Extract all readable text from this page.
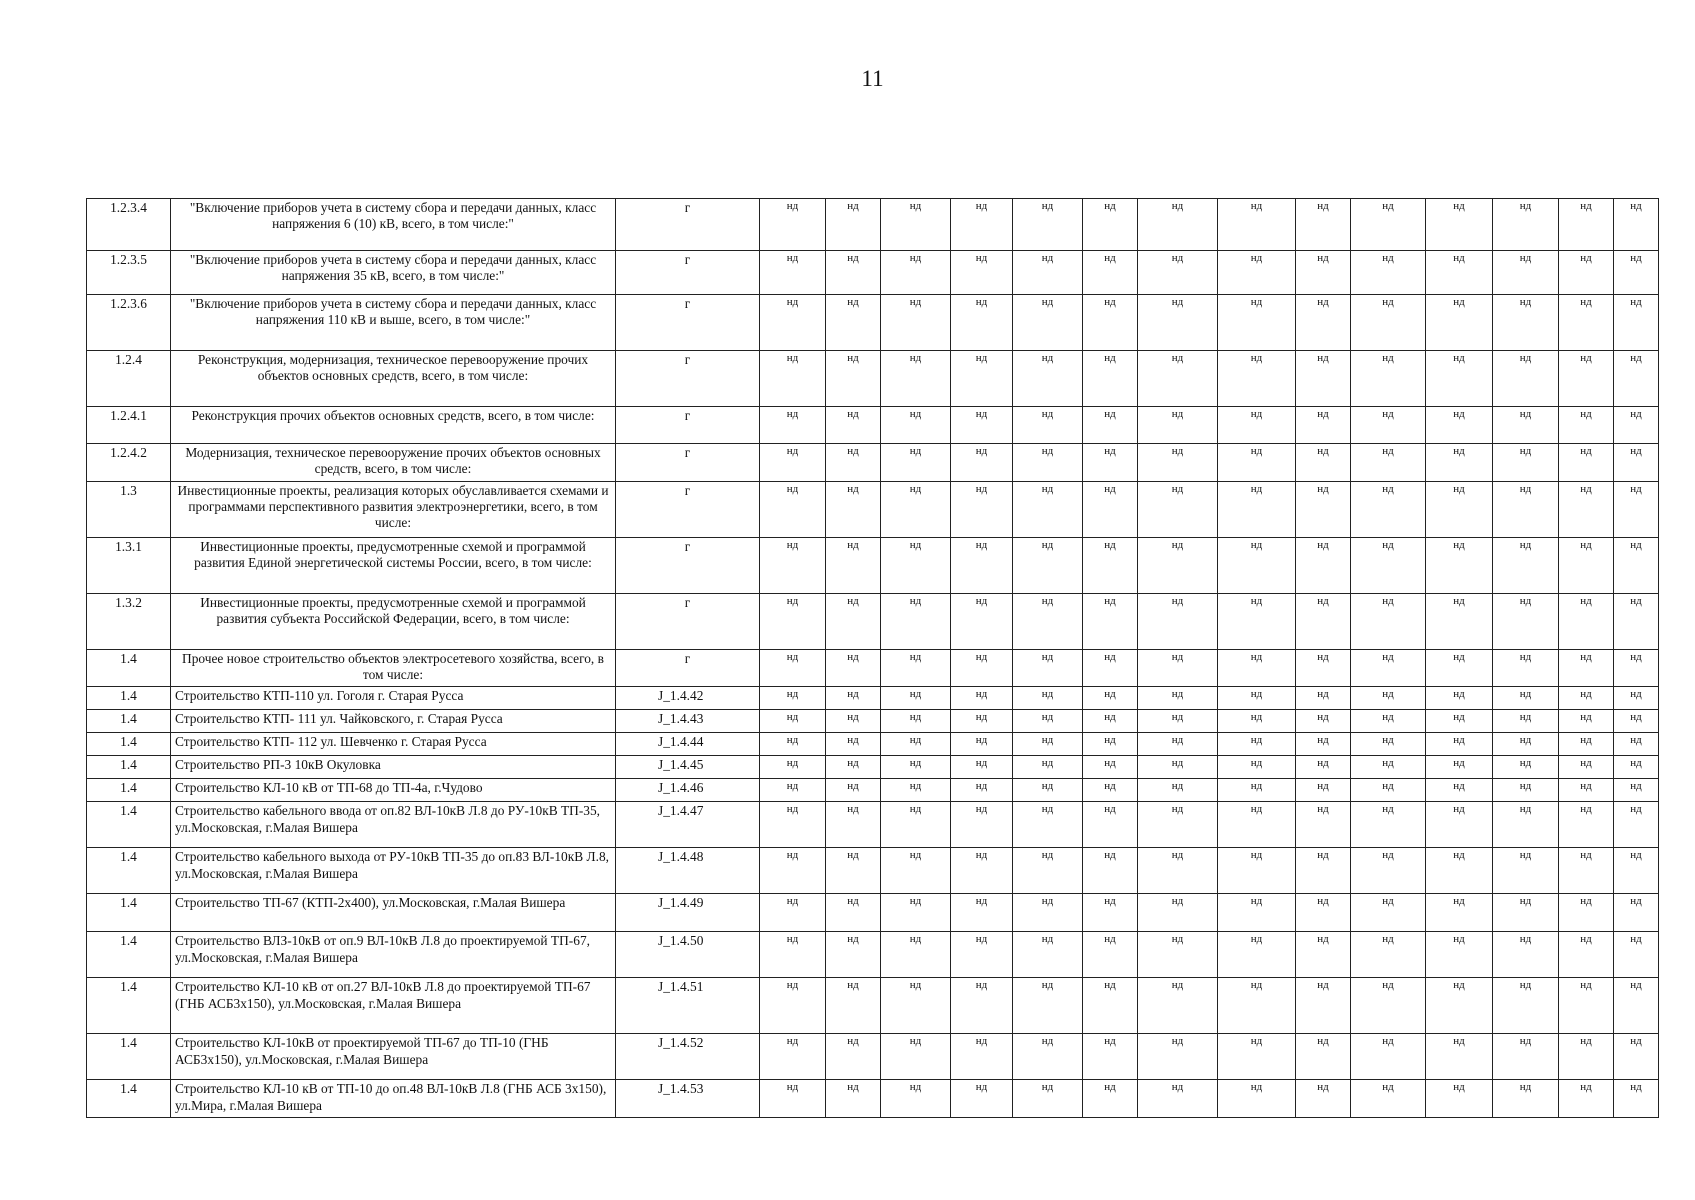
11
1.2.3.4	"Включение приборов учета в систему сбора и передачи данных, класс напряжения 6 (10) кВ, всего, в том числе:"	г	нд	нд	нд	нд	нд	нд	нд	нд	нд	нд	нд	нд	нд	нд
1.2.3.5	"Включение приборов учета в систему сбора и передачи данных, класс напряжения 35 кВ, всего, в том числе:"	г	нд	нд	нд	нд	нд	нд	нд	нд	нд	нд	нд	нд	нд	нд
1.2.3.6	"Включение приборов учета в систему сбора и передачи данных, класс напряжения 110 кВ и выше, всего, в том числе:"	г	нд	нд	нд	нд	нд	нд	нд	нд	нд	нд	нд	нд	нд	нд
1.2.4	Реконструкция, модернизация, техническое перевооружение прочих объектов основных средств, всего, в том числе:	г	нд	нд	нд	нд	нд	нд	нд	нд	нд	нд	нд	нд	нд	нд
1.2.4.1	Реконструкция прочих объектов основных средств, всего, в том числе:	г	нд	нд	нд	нд	нд	нд	нд	нд	нд	нд	нд	нд	нд	нд
1.2.4.2	Модернизация, техническое перевооружение прочих объектов основных средств, всего, в том числе:	г	нд	нд	нд	нд	нд	нд	нд	нд	нд	нд	нд	нд	нд	нд
1.3	Инвестиционные проекты, реализация которых обуславливается схемами и программами перспективного развития электроэнергетики, всего, в том числе:	г	нд	нд	нд	нд	нд	нд	нд	нд	нд	нд	нд	нд	нд	нд
1.3.1	Инвестиционные проекты, предусмотренные схемой и программой развития Единой энергетической системы России, всего, в том числе:	г	нд	нд	нд	нд	нд	нд	нд	нд	нд	нд	нд	нд	нд	нд
1.3.2	Инвестиционные проекты, предусмотренные схемой и программой развития субъекта Российской Федерации, всего, в том числе:	г	нд	нд	нд	нд	нд	нд	нд	нд	нд	нд	нд	нд	нд	нд
1.4	Прочее новое строительство объектов электросетевого хозяйства, всего, в том числе:	г	нд	нд	нд	нд	нд	нд	нд	нд	нд	нд	нд	нд	нд	нд
1.4	Строительство КТП-110 ул. Гоголя г. Старая Русса	J_1.4.42	нд	нд	нд	нд	нд	нд	нд	нд	нд	нд	нд	нд	нд	нд
1.4	Строительство КТП- 111 ул. Чайковского, г. Старая Русса	J_1.4.43	нд	нд	нд	нд	нд	нд	нд	нд	нд	нд	нд	нд	нд	нд
1.4	Строительство КТП- 112 ул. Шевченко г. Старая Русса	J_1.4.44	нд	нд	нд	нд	нд	нд	нд	нд	нд	нд	нд	нд	нд	нд
1.4	Строительство РП-3 10кВ Окуловка	J_1.4.45	нд	нд	нд	нд	нд	нд	нд	нд	нд	нд	нд	нд	нд	нд
1.4	Строительство КЛ-10 кВ от ТП-68 до ТП-4а, г.Чудово	J_1.4.46	нд	нд	нд	нд	нд	нд	нд	нд	нд	нд	нд	нд	нд	нд
1.4	Строительство кабельного ввода от оп.82 ВЛ-10кВ Л.8 до РУ-10кВ ТП-35, ул.Московская, г.Малая Вишера	J_1.4.47	нд	нд	нд	нд	нд	нд	нд	нд	нд	нд	нд	нд	нд	нд
1.4	Строительство кабельного выхода от РУ-10кВ ТП-35 до оп.83 ВЛ-10кВ Л.8, ул.Московская, г.Малая Вишера	J_1.4.48	нд	нд	нд	нд	нд	нд	нд	нд	нд	нд	нд	нд	нд	нд
1.4	Строительство ТП-67 (КТП-2х400), ул.Московская, г.Малая Вишера	J_1.4.49	нд	нд	нд	нд	нд	нд	нд	нд	нд	нд	нд	нд	нд	нд
1.4	Строительство ВЛЗ-10кВ от оп.9 ВЛ-10кВ Л.8 до проектируемой ТП-67, ул.Московская, г.Малая Вишера	J_1.4.50	нд	нд	нд	нд	нд	нд	нд	нд	нд	нд	нд	нд	нд	нд
1.4	Строительство КЛ-10 кВ от оп.27 ВЛ-10кВ Л.8 до проектируемой ТП-67 (ГНБ АСБ3х150), ул.Московская, г.Малая Вишера	J_1.4.51	нд	нд	нд	нд	нд	нд	нд	нд	нд	нд	нд	нд	нд	нд
1.4	Строительство КЛ-10кВ от проектируемой ТП-67 до ТП-10 (ГНБ АСБ3х150), ул.Московская, г.Малая Вишера	J_1.4.52	нд	нд	нд	нд	нд	нд	нд	нд	нд	нд	нд	нд	нд	нд
1.4	Строительство КЛ-10 кВ от ТП-10 до оп.48 ВЛ-10кВ Л.8 (ГНБ АСБ 3х150), ул.Мира, г.Малая Вишера	J_1.4.53	нд	нд	нд	нд	нд	нд	нд	нд	нд	нд	нд	нд	нд	нд
